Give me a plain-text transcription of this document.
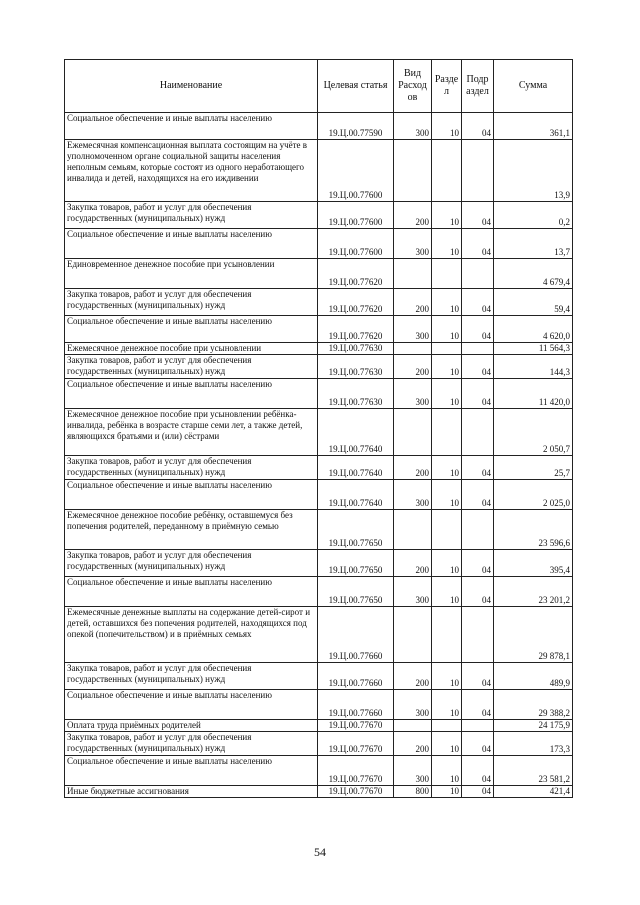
Наименование	Целевая статья	Вид Расход ов	Разде л	Подр аздел	Сумма
Социальное обеспечение и иные выплаты населению	19.Ц.00.77590	300	10	04	361,1
Ежемесячная компенсационная выплата состоящим на учёте в уполномоченном органе социальной защиты населения неполным семьям, которые состоят из одного неработающего инвалида и детей, находящихся на его иждивении	19.Ц.00.77600				13,9
Закупка товаров, работ и услуг для обеспечения государственных (муниципальных) нужд	19.Ц.00.77600	200	10	04	0,2
Социальное обеспечение и иные выплаты населению	19.Ц.00.77600	300	10	04	13,7
Единовременное денежное пособие при усыновлении	19.Ц.00.77620				4 679,4
Закупка товаров, работ и услуг для обеспечения государственных (муниципальных) нужд	19.Ц.00.77620	200	10	04	59,4
Социальное обеспечение и иные выплаты населению	19.Ц.00.77620	300	10	04	4 620,0
Ежемесячное денежное пособие при усыновлении	19.Ц.00.77630				11 564,3
Закупка товаров, работ и услуг для обеспечения государственных (муниципальных) нужд	19.Ц.00.77630	200	10	04	144,3
Социальное обеспечение и иные выплаты населению	19.Ц.00.77630	300	10	04	11 420,0
Ежемесячное денежное пособие при усыновлении ребёнка-инвалида, ребёнка в возрасте старше семи лет, а также детей, являющихся братьями и (или) сёстрами	19.Ц.00.77640				2 050,7
Закупка товаров, работ и услуг для обеспечения государственных (муниципальных) нужд	19.Ц.00.77640	200	10	04	25,7
Социальное обеспечение и иные выплаты населению	19.Ц.00.77640	300	10	04	2 025,0
Ежемесячное денежное пособие ребёнку, оставшемуся без попечения родителей, переданному в приёмную семью	19.Ц.00.77650				23 596,6
Закупка товаров, работ и услуг для обеспечения государственных (муниципальных) нужд	19.Ц.00.77650	200	10	04	395,4
Социальное обеспечение и иные выплаты населению	19.Ц.00.77650	300	10	04	23 201,2
Ежемесячные денежные выплаты на содержание детей-сирот и детей, оставшихся без попечения родителей, находящихся под опекой (попечительством) и в приёмных семьях	19.Ц.00.77660				29 878,1
Закупка товаров, работ и услуг для обеспечения государственных (муниципальных) нужд	19.Ц.00.77660	200	10	04	489,9
Социальное обеспечение и иные выплаты населению	19.Ц.00.77660	300	10	04	29 388,2
Оплата труда приёмных родителей	19.Ц.00.77670				24 175,9
Закупка товаров, работ и услуг для обеспечения государственных (муниципальных) нужд	19.Ц.00.77670	200	10	04	173,3
Социальное обеспечение и иные выплаты населению	19.Ц.00.77670	300	10	04	23 581,2
Иные бюджетные ассигнования	19.Ц.00.77670	800	10	04	421,4
54
